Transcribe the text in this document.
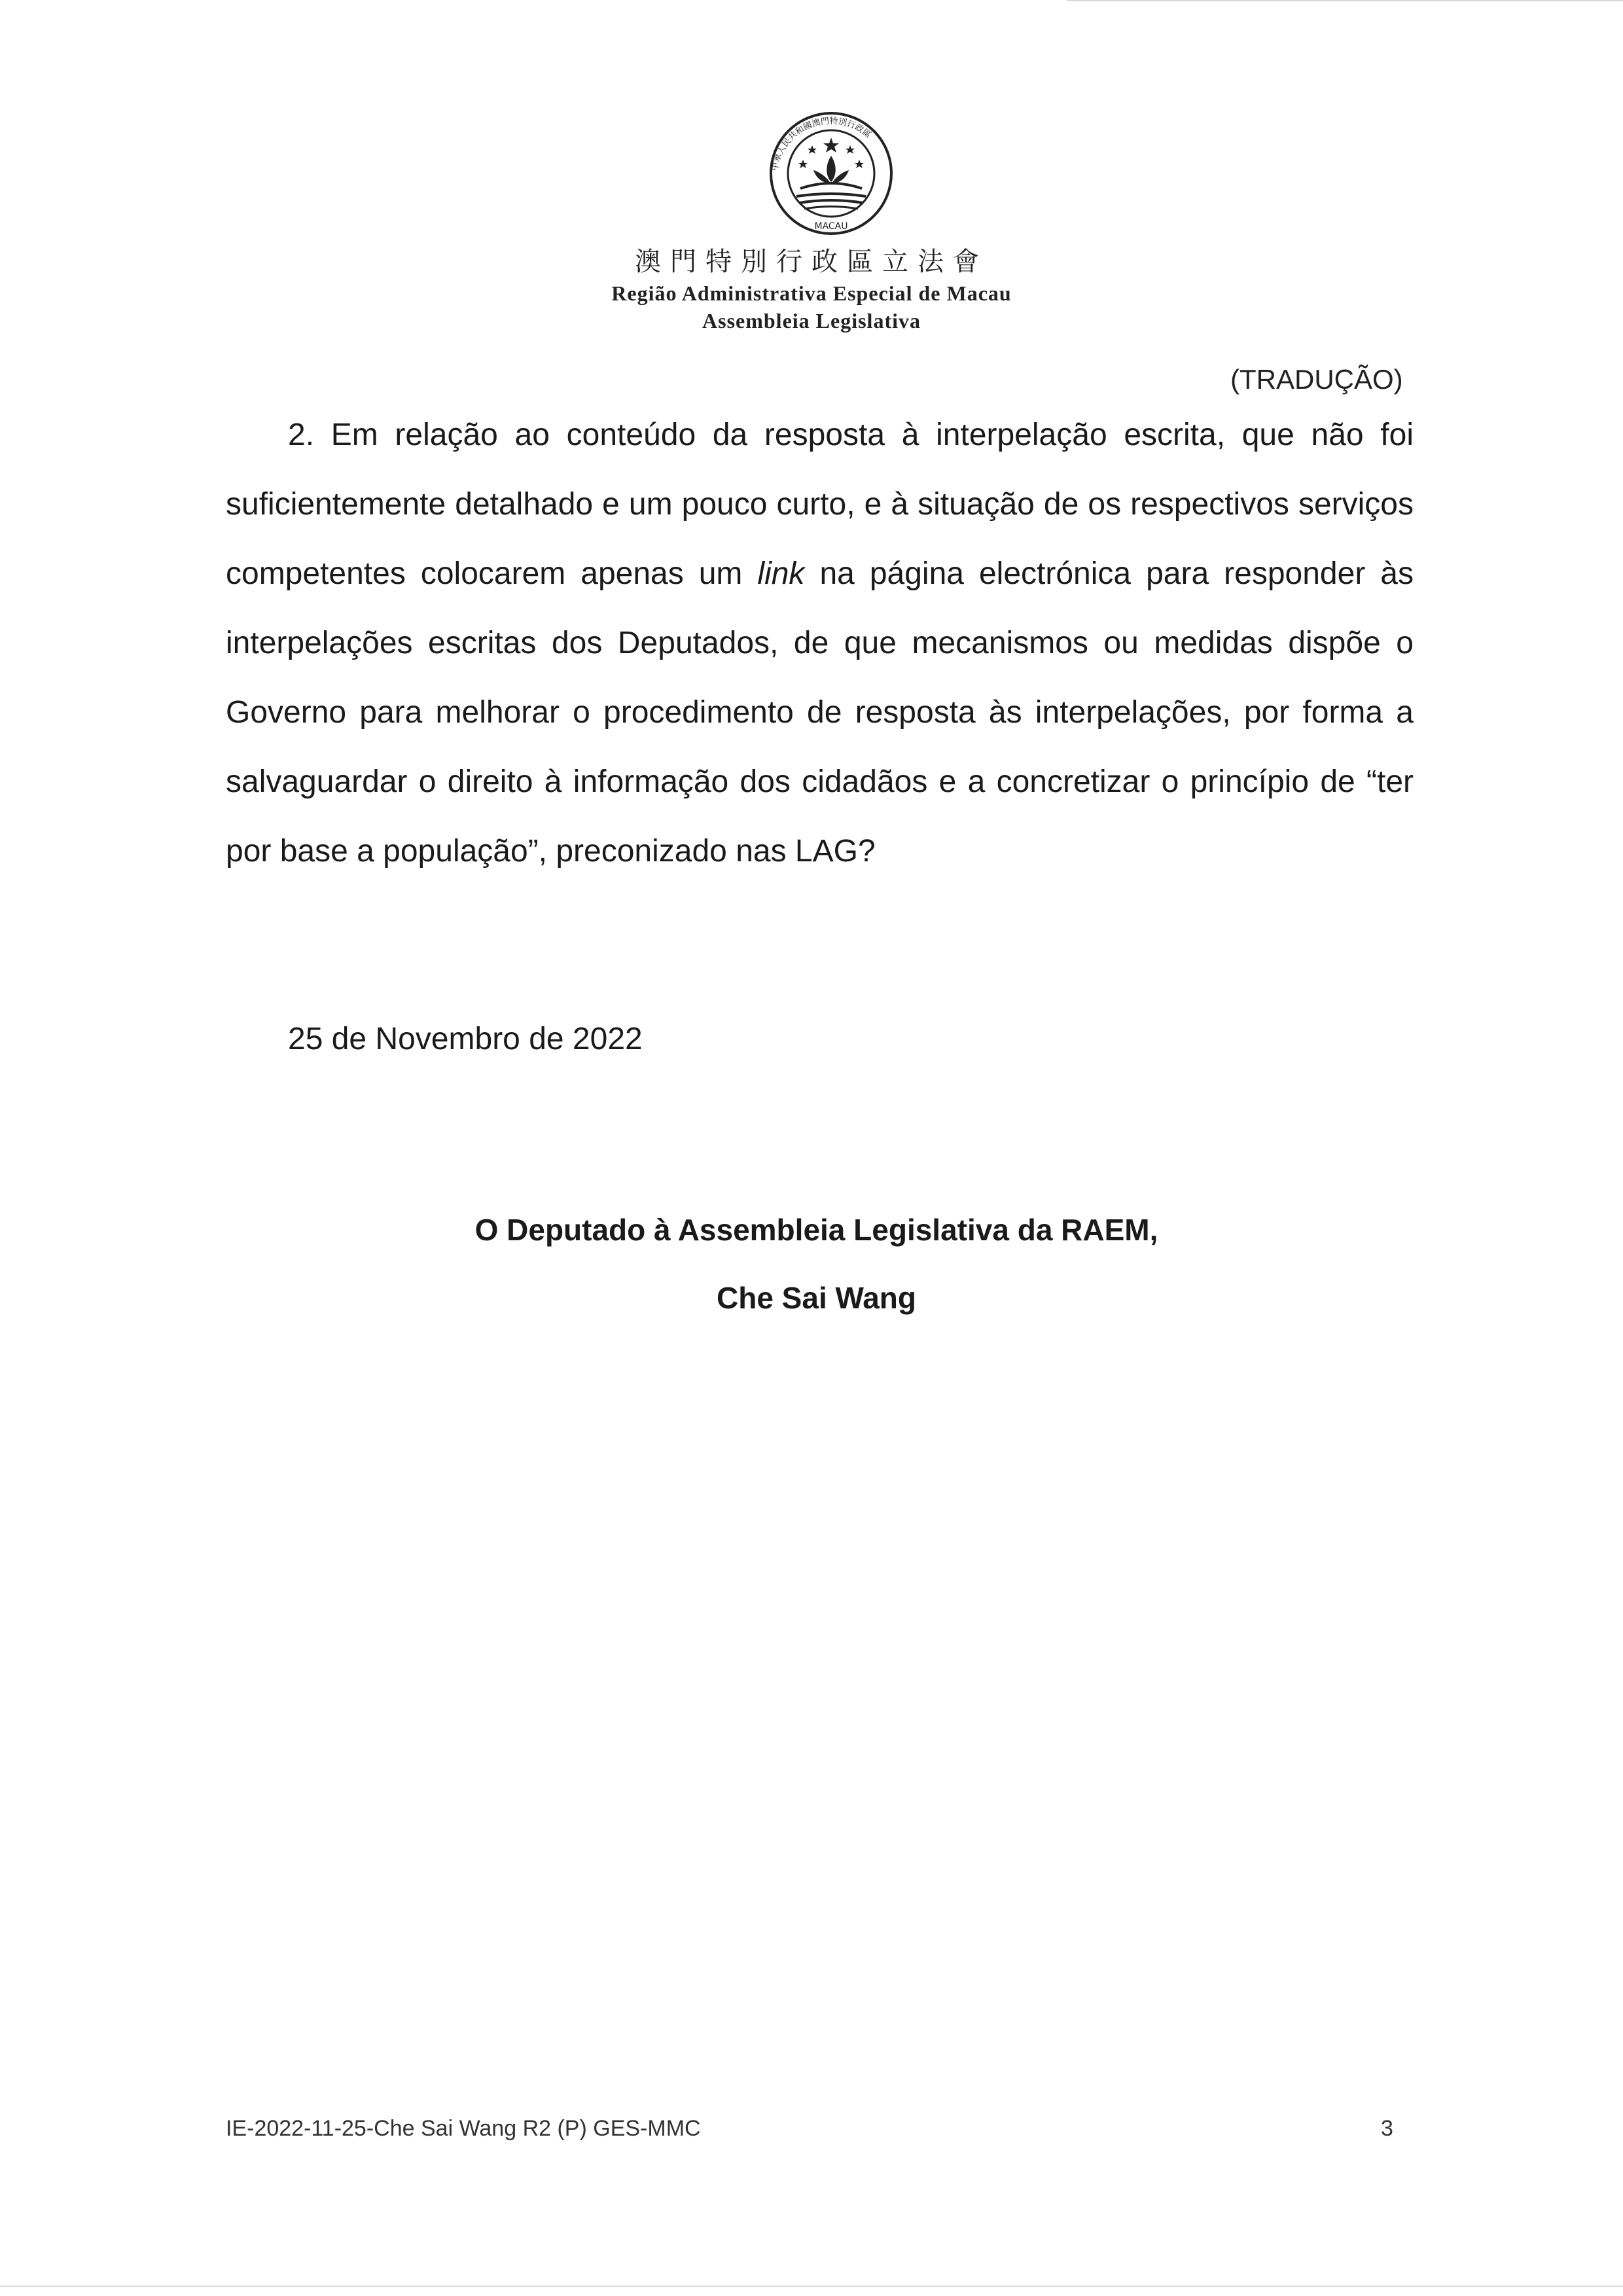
中華人民共和國澳門特別行政區
MACAU
澳門特別行政區立法會
Região Administrativa Especial de Macau
Assembleia Legislativa
(TRADUÇÃO)
2. Em relação ao conteúdo da resposta à interpelação escrita, que não foi suficientemente detalhado e um pouco curto, e à situação de os respectivos serviços competentes colocarem apenas um link na página electrónica para responder às interpelações escritas dos Deputados, de que mecanismos ou medidas dispõe o Governo para melhorar o procedimento de resposta às interpelações, por forma a salvaguardar o direito à informação dos cidadãos e a concretizar o princípio de “ter por base a população”, preconizado nas LAG?
25 de Novembro de 2022
O Deputado à Assembleia Legislativa da RAEM,
Che Sai Wang
IE-2022-11-25-Che Sai Wang R2 (P) GES-MMC	3
